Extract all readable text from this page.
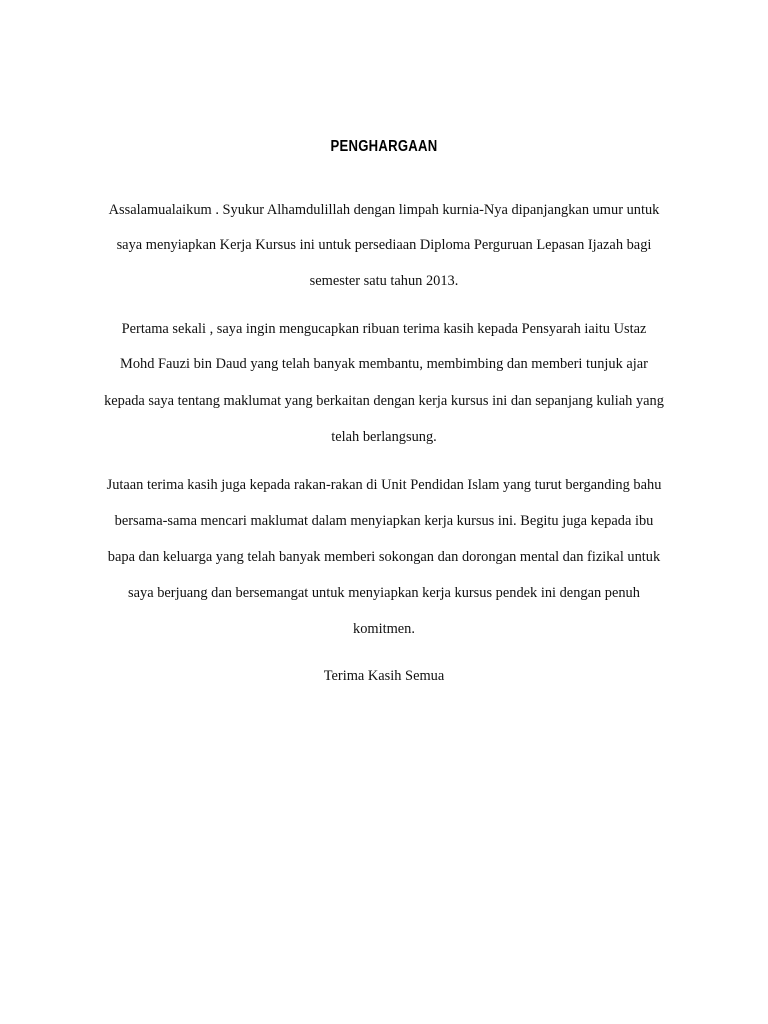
PENGHARGAAN
Assalamualaikum . Syukur Alhamdulillah dengan limpah kurnia-Nya dipanjangkan umur untuk
saya menyiapkan Kerja Kursus ini untuk persediaan Diploma Perguruan Lepasan Ijazah bagi
semester satu tahun 2013.
Pertama sekali , saya ingin mengucapkan ribuan terima kasih kepada Pensyarah iaitu Ustaz
Mohd Fauzi bin Daud yang telah banyak membantu, membimbing dan memberi tunjuk ajar
kepada saya tentang maklumat yang berkaitan dengan kerja kursus ini dan sepanjang kuliah yang
telah berlangsung.
Jutaan terima kasih juga kepada rakan-rakan di Unit Pendidan Islam yang turut berganding bahu
bersama-sama mencari maklumat dalam menyiapkan kerja kursus ini. Begitu juga kepada ibu
bapa dan keluarga yang telah banyak memberi sokongan dan dorongan mental dan fizikal untuk
saya berjuang dan bersemangat untuk menyiapkan kerja kursus pendek ini dengan penuh
komitmen.
Terima Kasih Semua
